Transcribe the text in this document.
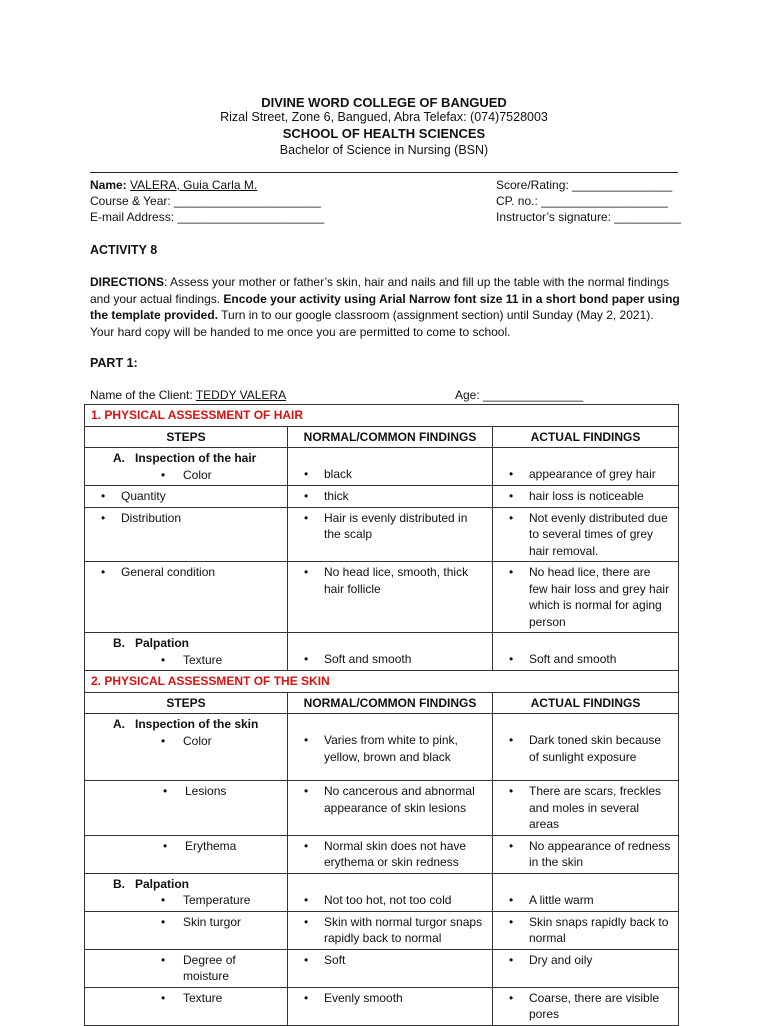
DIVINE WORD COLLEGE OF BANGUED
Rizal Street, Zone 6, Bangued, Abra Telefax: (074)7528003
SCHOOL OF HEALTH SCIENCES
Bachelor of Science in Nursing (BSN)
Name: VALERA, Guia Carla M.
Course & Year: ______________________
E-mail Address: ______________________
Score/Rating: _______________
CP. no.: ___________________
Instructor’s signature: __________
ACTIVITY 8
DIRECTIONS: Assess your mother or father’s skin, hair and nails and fill up the table with the normal findings and your actual findings. Encode your activity using Arial Narrow font size 11 in a short bond paper using the template provided. Turn in to our google classroom (assignment section) until Sunday (May 2, 2021). Your hard copy will be handed to me once you are permitted to come to school.
PART 1:
Name of the Client: TEDDY VALERA	Age: _______________
1. PHYSICAL ASSESSMENT OF HAIR		
STEPS	NORMAL/COMMON FINDINGS	ACTUAL FINDINGS

A. Inspection of the hair
• Color	• black	• appearance of grey hair

• Quantity	• thick	• hair loss is noticeable

• Distribution	• Hair is evenly distributed in the scalp	• Not evenly distributed due to several times of grey hair removal.

• General condition	• No head lice, smooth, thick hair follicle	• No head lice, there are few hair loss and grey hair which is normal for aging person

B. Palpation
• Texture	• Soft and smooth	• Soft and smooth

2. PHYSICAL ASSESSMENT OF THE SKIN		
STEPS	NORMAL/COMMON FINDINGS	ACTUAL FINDINGS

A. Inspection of the skin
• Color	• Varies from white to pink, yellow, brown and black	• Dark toned skin because of sunlight exposure

• Lesions	• No cancerous and abnormal appearance of skin lesions	• There are scars, freckles and moles in several areas

• Erythema	• Normal skin does not have erythema or skin redness	• No appearance of redness in the skin

B. Palpation
• Temperature	• Not too hot, not too cold	• A little warm

• Skin turgor	• Skin with normal turgor snaps rapidly back to normal	• Skin snaps rapidly back to normal

• Degree of moisture	• Soft	• Dry and oily

• Texture	• Evenly smooth	• Coarse, there are visible pores
